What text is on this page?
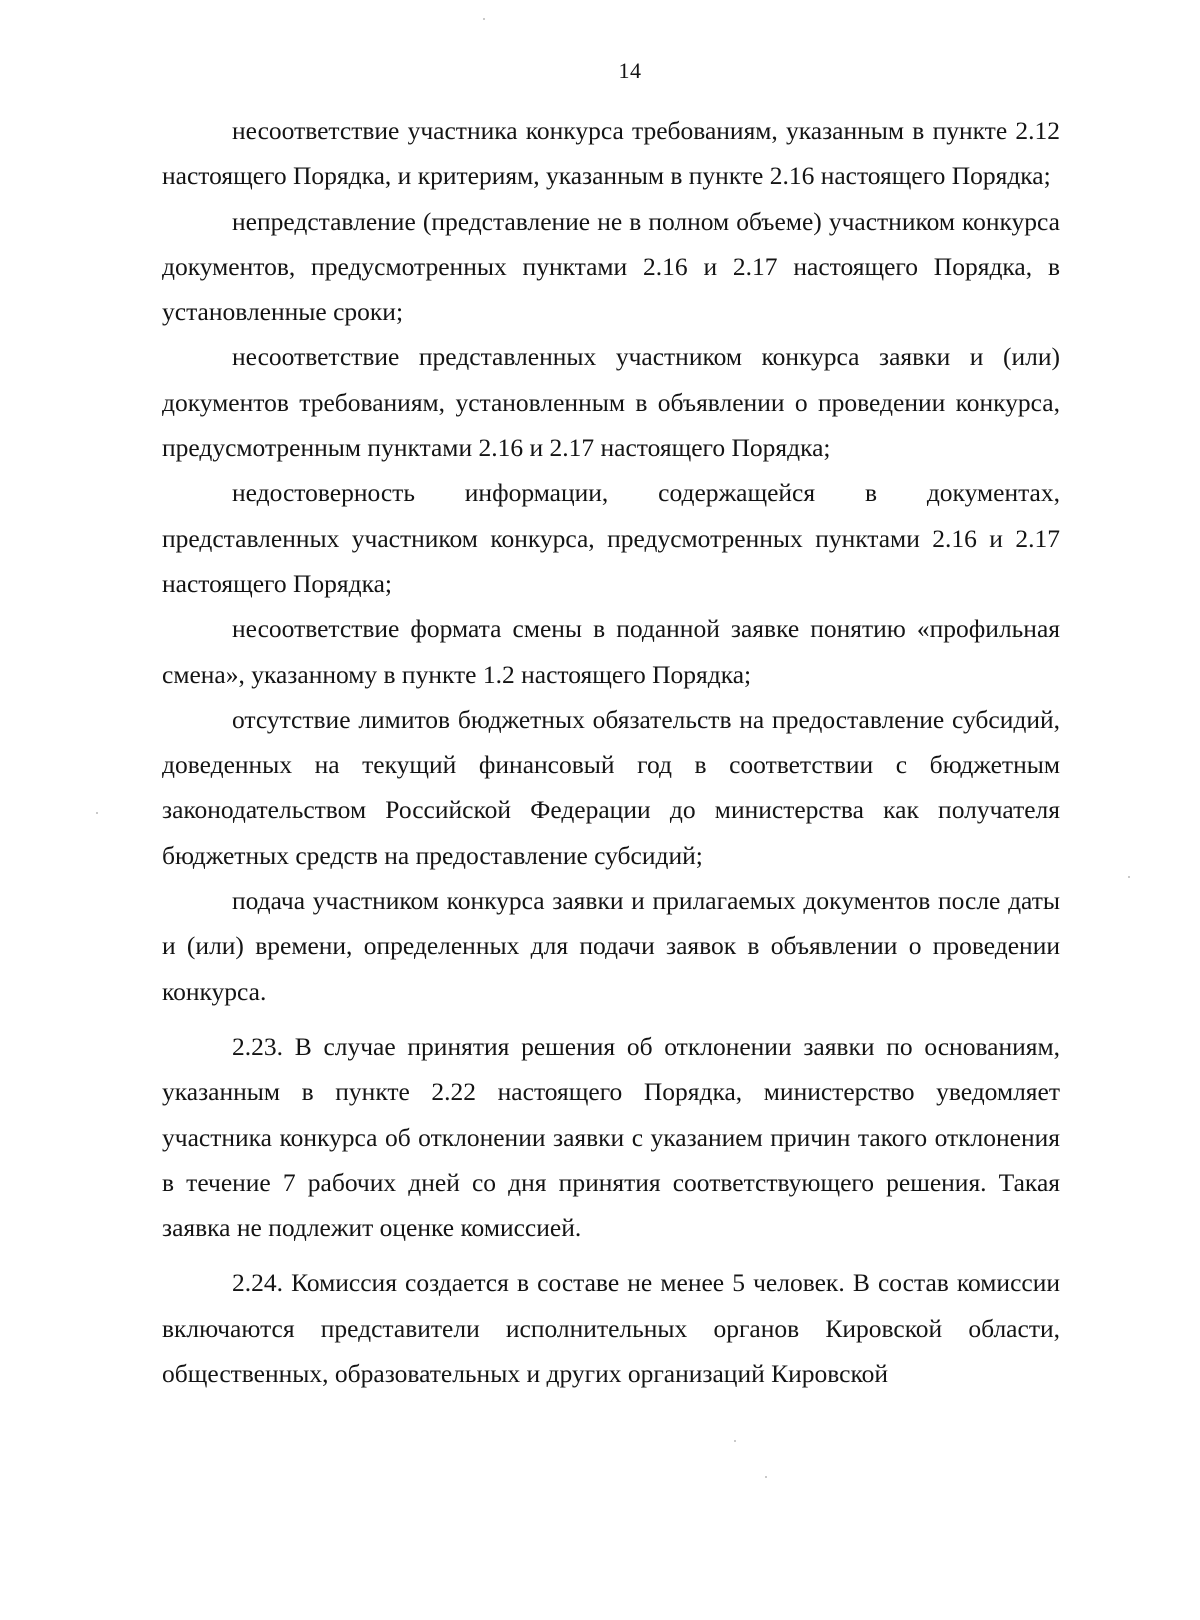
14

несоответствие участника конкурса требованиям, указанным в пункте 2.12 настоящего Порядка, и критериям, указанным в пункте 2.16 настоящего Порядка;

непредставление (представление не в полном объеме) участником конкурса документов, предусмотренных пунктами 2.16 и 2.17 настоящего Порядка, в установленные сроки;

несоответствие представленных участником конкурса заявки и (или) документов требованиям, установленным в объявлении о проведении конкурса, предусмотренным пунктами 2.16 и 2.17 настоящего Порядка;

недостоверность информации, содержащейся в документах, представленных участником конкурса, предусмотренных пунктами 2.16 и 2.17 настоящего Порядка;

несоответствие формата смены в поданной заявке понятию «профильная смена», указанному в пункте 1.2 настоящего Порядка;

отсутствие лимитов бюджетных обязательств на предоставление субсидий, доведенных на текущий финансовый год в соответствии с бюджетным законодательством Российской Федерации до министерства как получателя бюджетных средств на предоставление субсидий;

подача участником конкурса заявки и прилагаемых документов после даты и (или) времени, определенных для подачи заявок в объявлении о проведении конкурса.

2.23. В случае принятия решения об отклонении заявки по основаниям, указанным в пункте 2.22 настоящего Порядка, министерство уведомляет участника конкурса об отклонении заявки с указанием причин такого отклонения в течение 7 рабочих дней со дня принятия соответствующего решения. Такая заявка не подлежит оценке комиссией.

2.24. Комиссия создается в составе не менее 5 человек. В состав комиссии включаются представители исполнительных органов Кировской области, общественных, образовательных и других организаций Кировской
